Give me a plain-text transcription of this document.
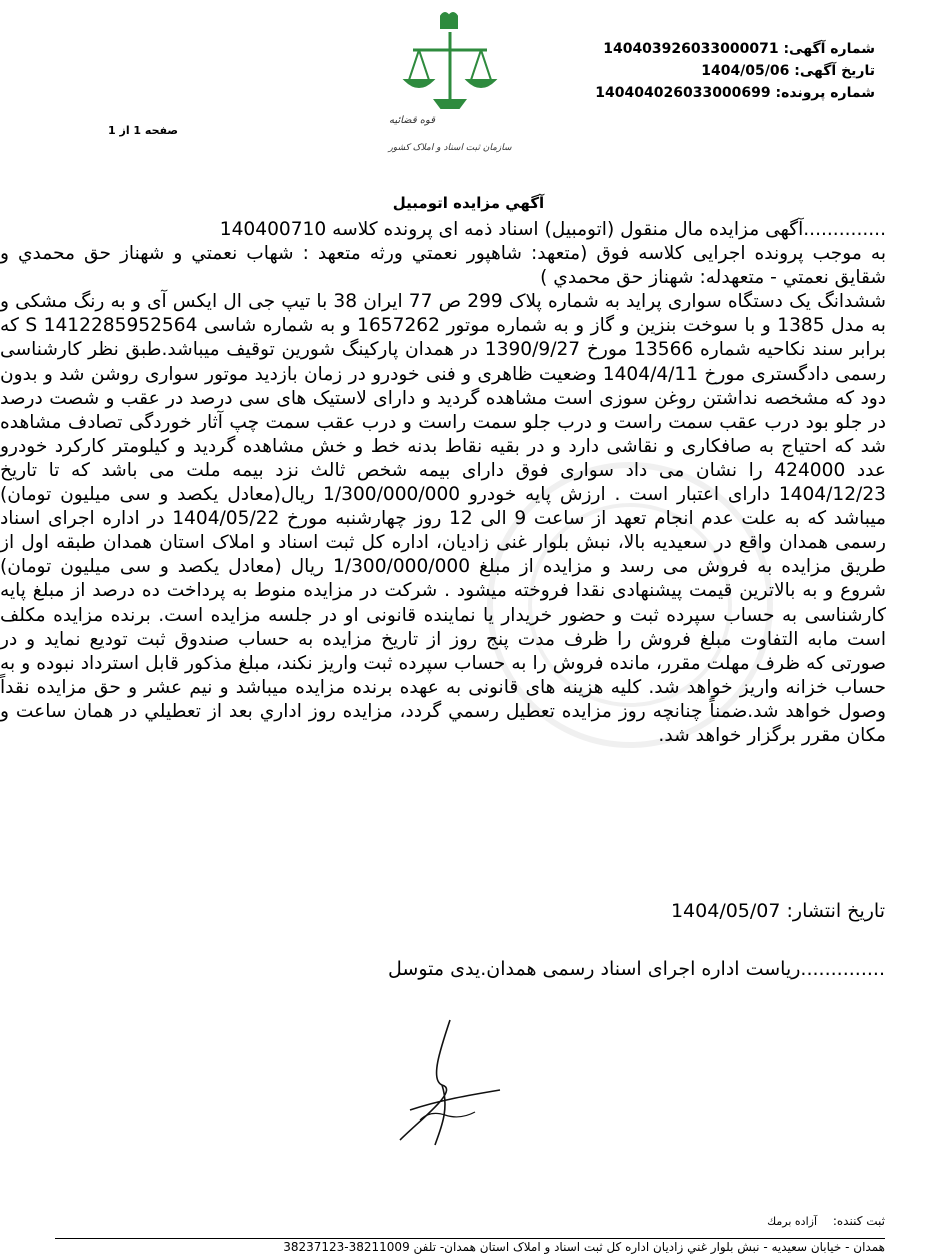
شماره آگهی: 140403926033000071
تاریخ آگهی: 1404/05/06
شماره پرونده: 140404026033000699
قوه قضائیه
سازمان ثبت اسناد و املاک کشور
صفحه 1 از 1
آگهي مزايده اتومبيل

..............آگهی مزایده مال منقول (اتومبیل) اسناد ذمه ای پرونده کلاسه 140400710

به موجب پرونده اجرایی کلاسه فوق (متعهد: شاهپور نعمتي ورثه متعهد : شهاب نعمتي و شهناز حق محمدي و شقايق نعمتي - متعهدله: شهناز حق محمدي )

ششدانگ یک دستگاه سواری پراید به شماره پلاک 299 ص 77 ایران 38 با تیپ جی ال ایکس آی و به رنگ مشکی و به مدل 1385 و با سوخت بنزین و گاز و به شماره موتور 1657262 و به شماره شاسی S 1412285952564 که برابر سند نکاحیه شماره 13566 مورخ 1390/9/27 در همدان پارکینگ شورین توقیف میباشد.طبق نظر کارشناسی رسمی دادگستری مورخ 1404/4/11 وضعیت ظاهری و فنی خودرو در زمان بازدید موتور سواری روشن شد و بدون دود که مشخصه نداشتن روغن سوزی است مشاهده گردید و دارای لاستیک های سی درصد در عقب و شصت درصد در جلو بود درب عقب سمت راست و درب جلو سمت راست و درب عقب سمت چپ آثار خوردگی تصادف مشاهده شد که احتیاج به صافکاری و نقاشی دارد و در بقیه نقاط بدنه خط و خش مشاهده گردید و کیلومتر کارکرد خودرو عدد 424000 را نشان می داد سواری فوق دارای بیمه شخص ثالث نزد بیمه ملت می باشد که تا تاریخ 1404/12/23 دارای اعتبار است . ارزش پایه خودرو 1/300/000/000 ریال(معادل یکصد و سی میلیون تومان) میباشد که به علت عدم انجام تعهد از ساعت 9 الی 12 روز چهارشنبه مورخ 1404/05/22 در اداره اجرای اسناد رسمی همدان واقع در سعیدیه بالا، نبش بلوار غنی زادیان، اداره کل ثبت اسناد و املاک استان همدان طبقه اول از طریق مزایده به فروش می رسد و مزایده از مبلغ 1/300/000/000 ریال (معادل یکصد و سی میلیون تومان) شروع و به بالاترین قیمت پیشنهادی نقدا فروخته میشود . شرکت در مزایده منوط به پرداخت ده درصد از مبلغ پایه کارشناسی به حساب سپرده ثبت و حضور خریدار یا نماینده قانونی او در جلسه مزایده است. برنده مزایده مکلف است مابه التفاوت مبلغ فروش را ظرف مدت پنج روز از تاریخ مزایده به حساب صندوق ثبت تودیع نماید و در صورتی که ظرف مهلت مقرر، مانده فروش را به حساب سپرده ثبت واریز نکند، مبلغ مذکور قابل استرداد نبوده و به حساب خزانه واریز خواهد شد. کلیه هزینه های قانونی به عهده برنده مزایده میباشد و نیم عشر و حق مزایده نقداً وصول خواهد شد.ضمناً چنانچه روز مزایده تعطیل رسمي گردد، مزايده روز اداري بعد از تعطيلي در همان ساعت و مكان مقرر برگزار خواهد شد.

تاریخ انتشار: 1404/05/07
..............ریاست اداره اجرای اسناد رسمی همدان.یدی متوسل
ثبت کننده: آزاده برمك
همدان - خیابان سعیدیه - نبش بلوار غني زادیان اداره کل ثبت اسناد و املاک استان همدان- تلفن 38211009-38237123
